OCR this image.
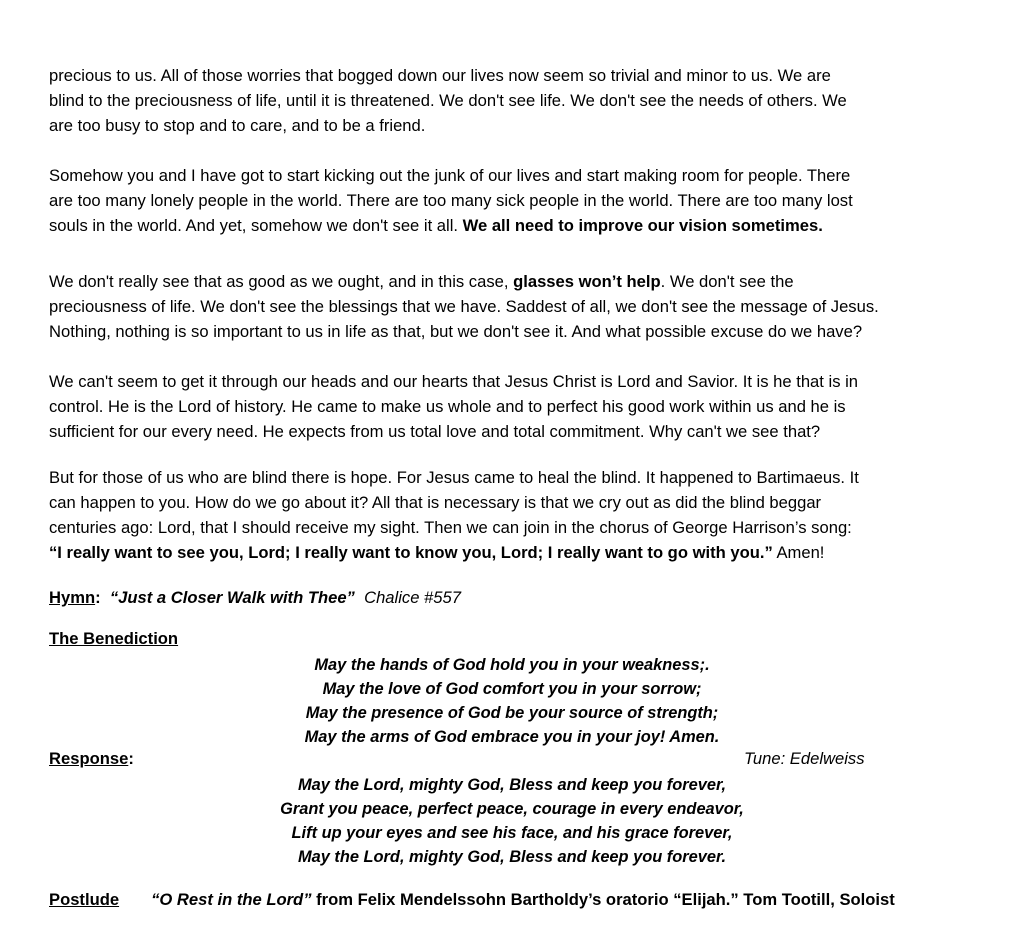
precious to us. All of those worries that bogged down our lives now seem so trivial and minor to us. We are
blind to the preciousness of life, until it is threatened. We don't see life. We don't see the needs of others. We
are too busy to stop and to care, and to be a friend.

Somehow you and I have got to start kicking out the junk of our lives and start making room for people. There
are too many lonely people in the world. There are too many sick people in the world. There are too many lost
souls in the world. And yet, somehow we don't see it all. We all need to improve our vision sometimes.

We don't really see that as good as we ought, and in this case, glasses won’t help. We don't see the
preciousness of life. We don't see the blessings that we have. Saddest of all, we don't see the message of Jesus.
Nothing, nothing is so important to us in life as that, but we don't see it. And what possible excuse do we have?

We can't seem to get it through our heads and our hearts that Jesus Christ is Lord and Savior. It is he that is in
control. He is the Lord of history. He came to make us whole and to perfect his good work within us and he is
sufficient for our every need. He expects from us total love and total commitment. Why can't we see that?

But for those of us who are blind there is hope. For Jesus came to heal the blind. It happened to Bartimaeus. It
can happen to you. How do we go about it? All that is necessary is that we cry out as did the blind beggar
centuries ago: Lord, that I should receive my sight. Then we can join in the chorus of George Harrison’s song:
“I really want to see you, Lord; I really want to know you, Lord; I really want to go with you.” Amen!

Hymn: “Just a Closer Walk with Thee” Chalice #557
The Benediction
May the hands of God hold you in your weakness;.
May the love of God comfort you in your sorrow;
May the presence of God be your source of strength;
May the arms of God embrace you in your joy! Amen.
Response:	Tune: Edelweiss
May the Lord, mighty God, Bless and keep you forever,
Grant you peace, perfect peace, courage in every endeavor,
Lift up your eyes and see his face, and his grace forever,
May the Lord, mighty God, Bless and keep you forever.
Postlude “O Rest in the Lord” from Felix Mendelssohn Bartholdy’s oratorio “Elijah.” Tom Tootill, Soloist
